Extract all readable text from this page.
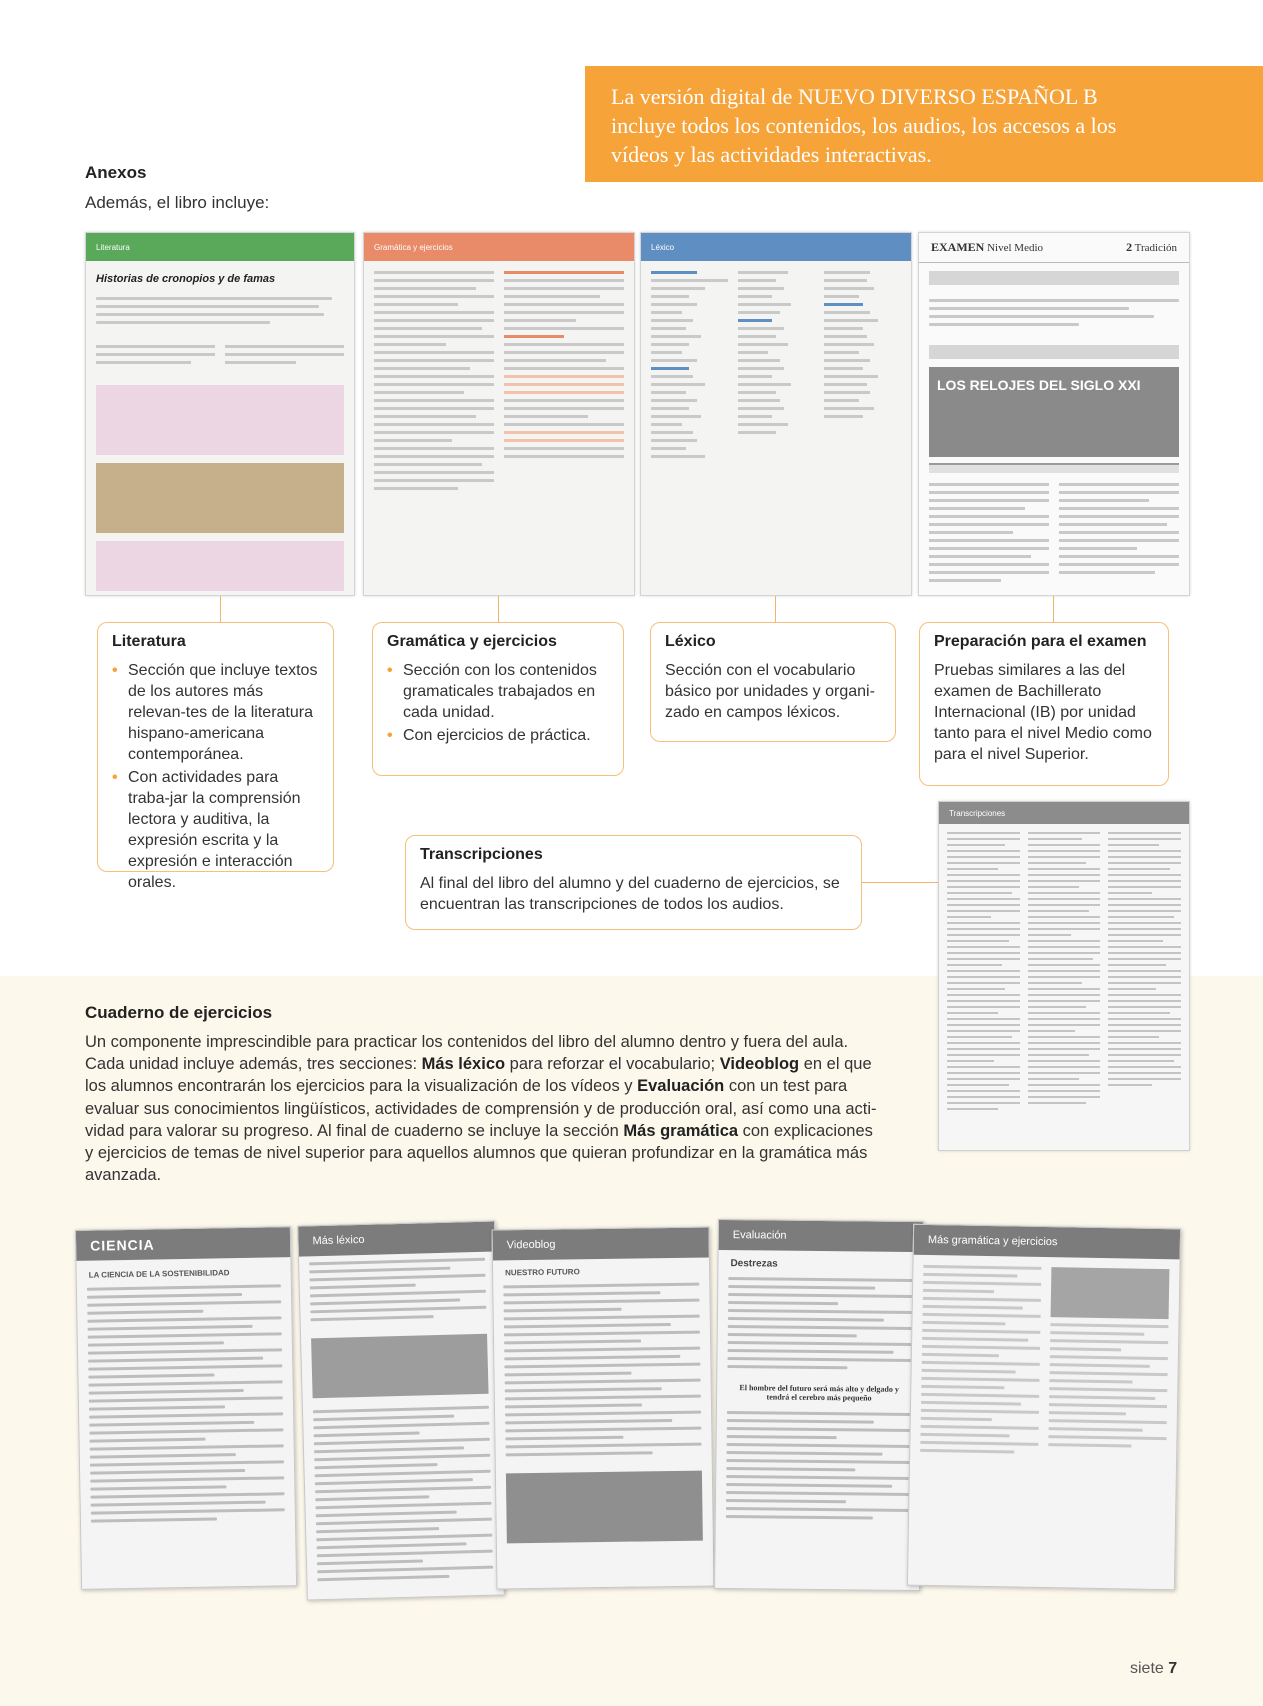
La versión digital de NUEVO DIVERSO ESPAÑOL B

incluye todos los contenidos, los audios, los accesos a los

vídeos y las actividades interactivas.

Anexos
Además, el libro incluye:
Literatura
Historias de cronopios y de famas
Gramática y ejercicios	Léxico	EXAMEN Nivel Medio	2 Tradición
LOS RELOJES DEL SIGLO XXI
Literatura
• Sección que incluye textos de los autores más relevan-tes de la literatura hispano-americana contemporánea.
• Con actividades para traba-jar la comprensión lectora y auditiva, la expresión escrita y la expresión e interacción orales.
Gramática y ejercicios
• Sección con los contenidos gramaticales trabajados en cada unidad.
• Con ejercicios de práctica.
Léxico

Sección con el vocabulario básico por unidades y organi-zado en campos léxicos.

Preparación para el examen

Pruebas similares a las del examen de Bachillerato Internacional (IB) por unidad tanto para el nivel Medio como para el nivel Superior.

Transcripciones

Al final del libro del alumno y del cuaderno de ejercicios, se encuentran las transcripciones de todos los audios.

Transcripciones
Cuaderno de ejercicios
Un componente imprescindible para practicar los contenidos del libro del alumno dentro y fuera del aula. Cada unidad incluye además, tres secciones: Más léxico para reforzar el vocabulario; Videoblog en el que los alumnos encontrarán los ejercicios para la visualización de los vídeos y Evaluación con un test para evaluar sus conocimientos lingüísticos, actividades de comprensión y de producción oral, así como una acti-vidad para valorar su progreso. Al final de cuaderno se incluye la sección Más gramática con explicaciones y ejercicios de temas de nivel superior para aquellos alumnos que quieran profundizar en la gramática más avanzada.
CIENCIA
LA CIENCIA DE LA SOSTENIBILIDAD
Más léxico	Videoblog
NUESTRO FUTURO
Evaluación
Destrezas
El hombre del futuro será más alto y delgado y tendrá el cerebro más pequeño
Más gramática y ejercicios
siete 7
